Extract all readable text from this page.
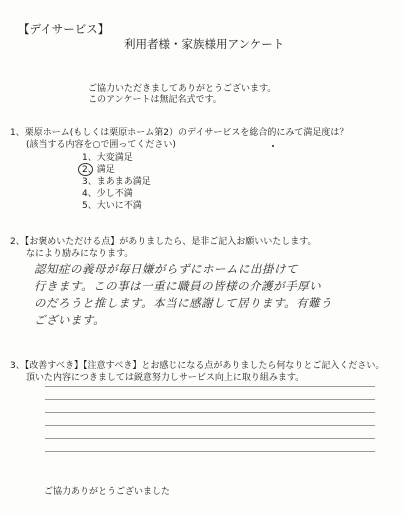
【デイサービス】
利用者様・家族様用アンケート
ご協力いただきましてありがとうございます。
このアンケートは無記名式です。
1、栗原ホーム(もしくは栗原ホーム第2）のデイサービスを総合的にみて満足度は？
(該当する内容を○で囲ってください)
1、大変満足
2、満足
3、まあまあ満足
4、少し不満
5、大いに不満
2、【お褒めいただける点】がありましたら、是非ご記入お願いいたします。
なにより励みになります。
認知症の義母が毎日嫌がらずにホームに出掛けて
行きます。この事は一重に職員の皆様の介護が手厚い
のだろうと推します。本当に感謝して居ります。有難う
ございます。
3、【改善すべき】【注意すべき】とお感じになる点がありましたら何なりとご記入ください。
頂いた内容につきましては鋭意努力しサービス向上に取り組みます。
ご協力ありがとうございました
